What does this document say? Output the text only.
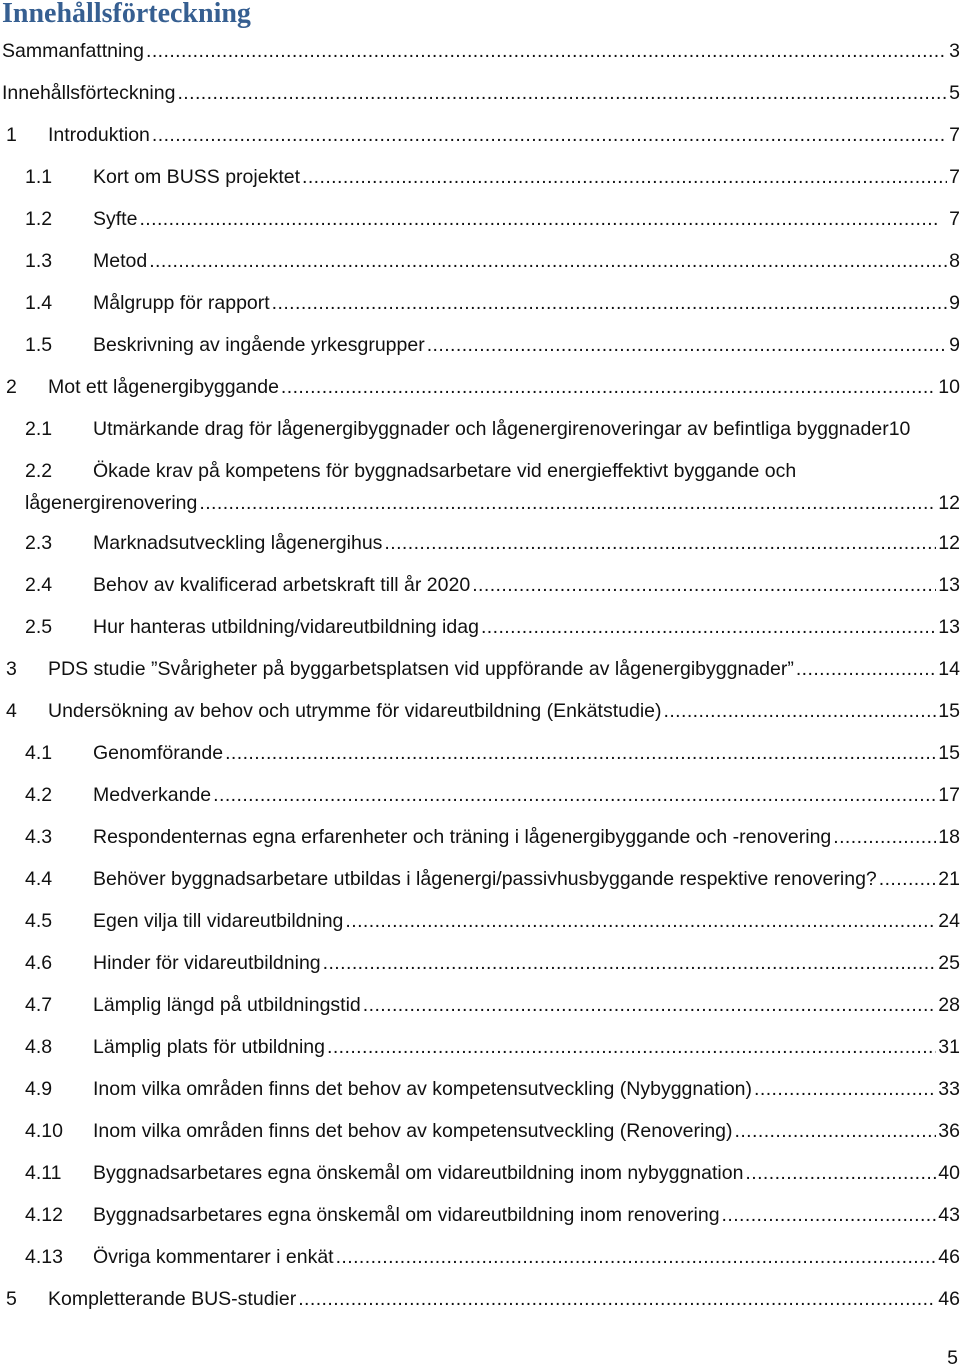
Innehållsförteckning
Sammanfattning . . .	3
Innehållsförteckning . . .	5
1 Introduktion . . .	7
1.1 Kort om BUSS projektet . . .	7
1.2 Syfte . . .	7
1.3 Metod . . .	8
1.4 Målgrupp för rapport . . .	9
1.5 Beskrivning av ingående yrkesgrupper . . .	9
2 Mot ett lågenergibyggande . . .	10
2.1 Utmärkande drag för lågenergibyggnader och lågenergirenoveringar av befintliga byggnader 10
2.2 Ökade krav på kompetens för byggnadsarbetare vid energieffektivt byggande och
lågenergirenovering . . .	12
2.3 Marknadsutveckling lågenergihus . . .	12
2.4 Behov av kvalificerad arbetskraft till år 2020 . . .	13
2.5 Hur hanteras utbildning/vidareutbildning idag . . .	13
3 PDS studie ”Svårigheter på byggarbetsplatsen vid uppförande av lågenergibyggnader” . . .	14
4 Undersökning av behov och utrymme för vidareutbildning (Enkätstudie) . . .	15
4.1 Genomförande . . .	15
4.2 Medverkande . . .	17
4.3 Respondenternas egna erfarenheter och träning i lågenergibyggande och -renovering . . .	18
4.4 Behöver byggnadsarbetare utbildas i lågenergi/passivhusbyggande respektive renovering? . . .	21
4.5 Egen vilja till vidareutbildning . . .	24
4.6 Hinder för vidareutbildning . . .	25
4.7 Lämplig längd på utbildningstid . . .	28
4.8 Lämplig plats för utbildning . . .	31
4.9 Inom vilka områden finns det behov av kompetensutveckling (Nybyggnation) . . .	33
4.10 Inom vilka områden finns det behov av kompetensutveckling (Renovering) . . .	36
4.11 Byggnadsarbetares egna önskemål om vidareutbildning inom nybyggnation . . .	40
4.12 Byggnadsarbetares egna önskemål om vidareutbildning inom renovering . . .	43
4.13 Övriga kommentarer i enkät . . .	46
5 Kompletterande BUS-studier . . .	46
5
